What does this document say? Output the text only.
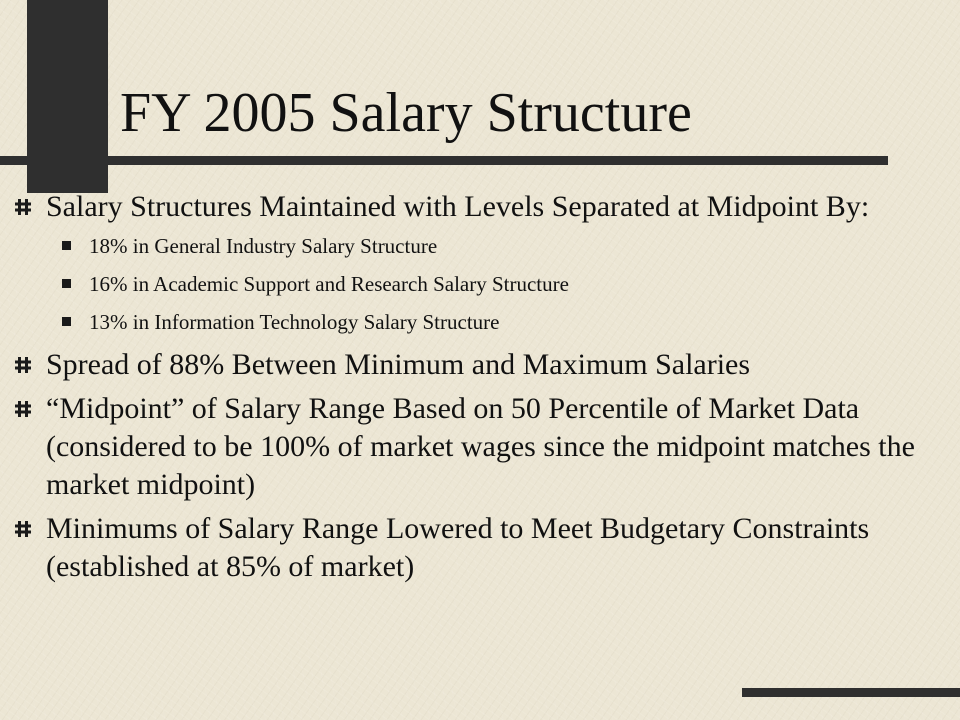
FY 2005 Salary Structure
Salary Structures Maintained with Levels Separated at Midpoint By:
18% in General Industry Salary Structure
16% in Academic Support and Research Salary Structure
13% in Information Technology Salary Structure
Spread of 88% Between Minimum and Maximum Salaries
“Midpoint” of Salary Range Based on 50 Percentile of Market Data (considered to be 100% of market wages since the midpoint matches the market midpoint)
Minimums of Salary Range Lowered to Meet Budgetary Constraints (established at 85% of market)
